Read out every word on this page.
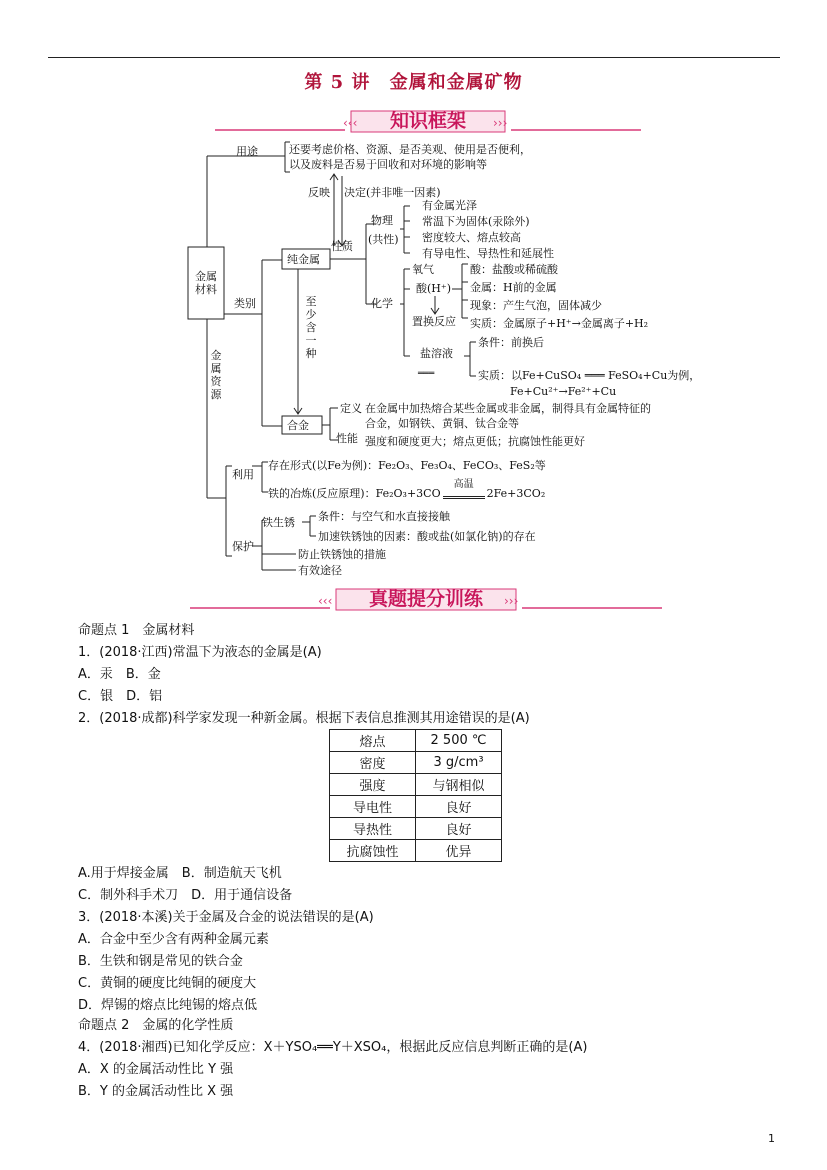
第 5 讲 金属和金属矿物
‹‹‹	›››
知识框架
═══
用途	还要考虑价格、资源、是否美观、使用是否便利，
以及废料是否易于回收和对环境的影响等
反映 决定(并非唯一因素)
金属
材料
类别
纯金属
性质
物理
(共性)
有金属光泽
常温下为固体(汞除外)
密度较大、熔点较高
有导电性、导热性和延展性
化学
氧气
酸(H⁺)
置换反应
盐溶液
酸：盐酸或稀硫酸
金属：H前的金属
现象：产生气泡，固体减少
实质：金属原子+H⁺→金属离子+H₂
条件：前换后
实质：以Fe+CuSO₄ ═══ FeSO₄+Cu为例，
Fe+Cu²⁺→Fe²⁺+Cu
至
少
含
一
种
合金
定义 在金属中加热熔合某些金属或非金属，制得具有金属特征的
合金，如钢铁、黄铜、钛合金等
性能 强度和硬度更大；熔点更低；抗腐蚀性能更好
金
属
资
源
利用
存在形式(以Fe为例)：Fe₂O₃、Fe₃O₄、FeCO₃、FeS₂等
铁的冶炼(反应原理)：Fe₂O₃+3CO
高温
2Fe+3CO₂
保护
铁生锈 条件：与空气和水直接接触
加速铁锈蚀的因素：酸或盐(如氯化钠)的存在
防止铁锈蚀的措施
有效途径
‹‹‹	›››
真题提分训练
命题点 1　金属材料
1．(2018·江西)常温下为液态的金属是(A)
A．汞　B．金
C．银　D．铝
2．(2018·成都)科学家发现一种新金属。根据下表信息推测其用途错误的是(A)
熔点	2 500 ℃
密度	3 g/cm³
强度	与钢相似
导电性	良好
导热性	良好
抗腐蚀性	优异
A.用于焊接金属　B．制造航天飞机
C．制外科手术刀　D．用于通信设备
3．(2018·本溪)关于金属及合金的说法错误的是(A)
A．合金中至少含有两种金属元素
B．生铁和钢是常见的铁合金
C．黄铜的硬度比纯铜的硬度大
D．焊锡的熔点比纯锡的熔点低
命题点 2　金属的化学性质
4．(2018·湘西)已知化学反应：X＋YSO₄══Y＋XSO₄，根据此反应信息判断正确的是(A)
A．X 的金属活动性比 Y 强
B．Y 的金属活动性比 X 强
1
